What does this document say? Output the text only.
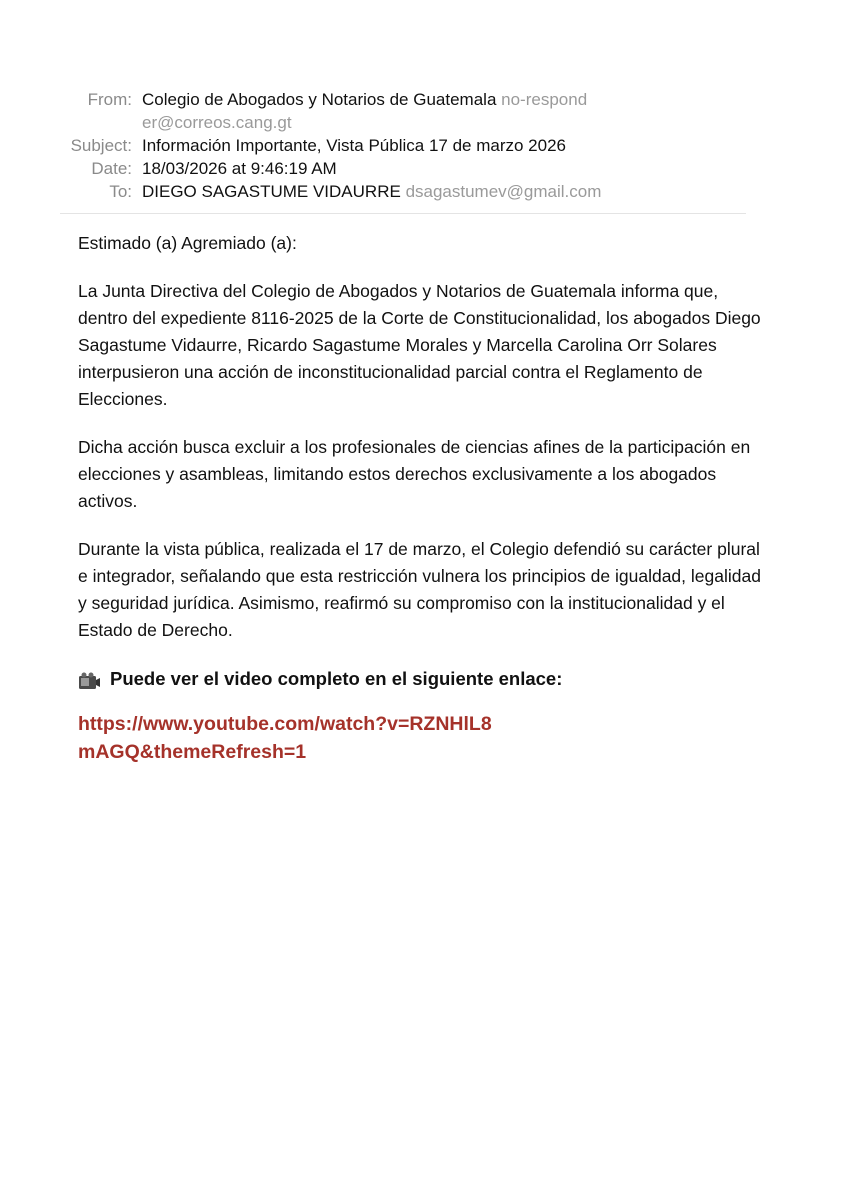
From: Colegio de Abogados y Notarios de Guatemala no-responder@correos.cang.gt
Subject: Información Importante, Vista Pública 17 de marzo 2026
Date: 18/03/2026 at 9:46:19 AM
To: DIEGO SAGASTUME VIDAURRE dsagastumev@gmail.com

Estimado (a) Agremiado (a):

La Junta Directiva del Colegio de Abogados y Notarios de Guatemala informa que, dentro del expediente 8116-2025 de la Corte de Constitucionalidad, los abogados Diego Sagastume Vidaurre, Ricardo Sagastume Morales y Marcella Carolina Orr Solares interpusieron una acción de inconstitucionalidad parcial contra el Reglamento de Elecciones.

Dicha acción busca excluir a los profesionales de ciencias afines de la participación en elecciones y asambleas, limitando estos derechos exclusivamente a los abogados activos.

Durante la vista pública, realizada el 17 de marzo, el Colegio defendió su carácter plural e integrador, señalando que esta restricción vulnera los principios de igualdad, legalidad y seguridad jurídica. Asimismo, reafirmó su compromiso con la institucionalidad y el Estado de Derecho.

Puede ver el video completo en el siguiente enlace:
https://www.youtube.com/watch?v=RZNHlL8mAGQ&themeRefresh=1
